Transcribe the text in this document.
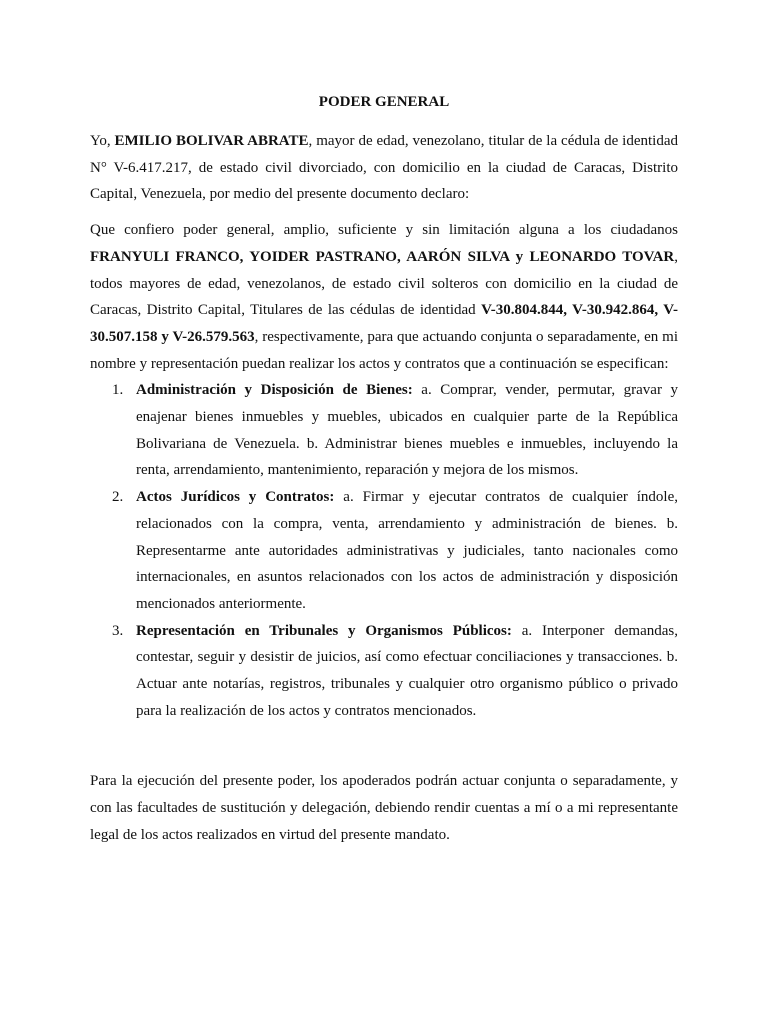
PODER GENERAL

Yo, EMILIO BOLIVAR ABRATE, mayor de edad, venezolano, titular de la cédula de identidad N° V-6.417.217, de estado civil divorciado, con domicilio en la ciudad de Caracas, Distrito Capital, Venezuela, por medio del presente documento declaro:

Que confiero poder general, amplio, suficiente y sin limitación alguna a los ciudadanos FRANYULI FRANCO, YOIDER PASTRANO, AARÓN SILVA y LEONARDO TOVAR, todos mayores de edad, venezolanos, de estado civil solteros con domicilio en la ciudad de Caracas, Distrito Capital, Titulares de las cédulas de identidad V-30.804.844, V-30.942.864, V-30.507.158 y V-26.579.563, respectivamente, para que actuando conjunta o separadamente, en mi nombre y representación puedan realizar los actos y contratos que a continuación se especifican:

1. Administración y Disposición de Bienes: a. Comprar, vender, permutar, gravar y enajenar bienes inmuebles y muebles, ubicados en cualquier parte de la República Bolivariana de Venezuela. b. Administrar bienes muebles e inmuebles, incluyendo la renta, arrendamiento, mantenimiento, reparación y mejora de los mismos.
2. Actos Jurídicos y Contratos: a. Firmar y ejecutar contratos de cualquier índole, relacionados con la compra, venta, arrendamiento y administración de bienes. b. Representarme ante autoridades administrativas y judiciales, tanto nacionales como internacionales, en asuntos relacionados con los actos de administración y disposición mencionados anteriormente.
3. Representación en Tribunales y Organismos Públicos: a. Interponer demandas, contestar, seguir y desistir de juicios, así como efectuar conciliaciones y transacciones. b. Actuar ante notarías, registros, tribunales y cualquier otro organismo público o privado para la realización de los actos y contratos mencionados.

Para la ejecución del presente poder, los apoderados podrán actuar conjunta o separadamente, y con las facultades de sustitución y delegación, debiendo rendir cuentas a mí o a mi representante legal de los actos realizados en virtud del presente mandato.
